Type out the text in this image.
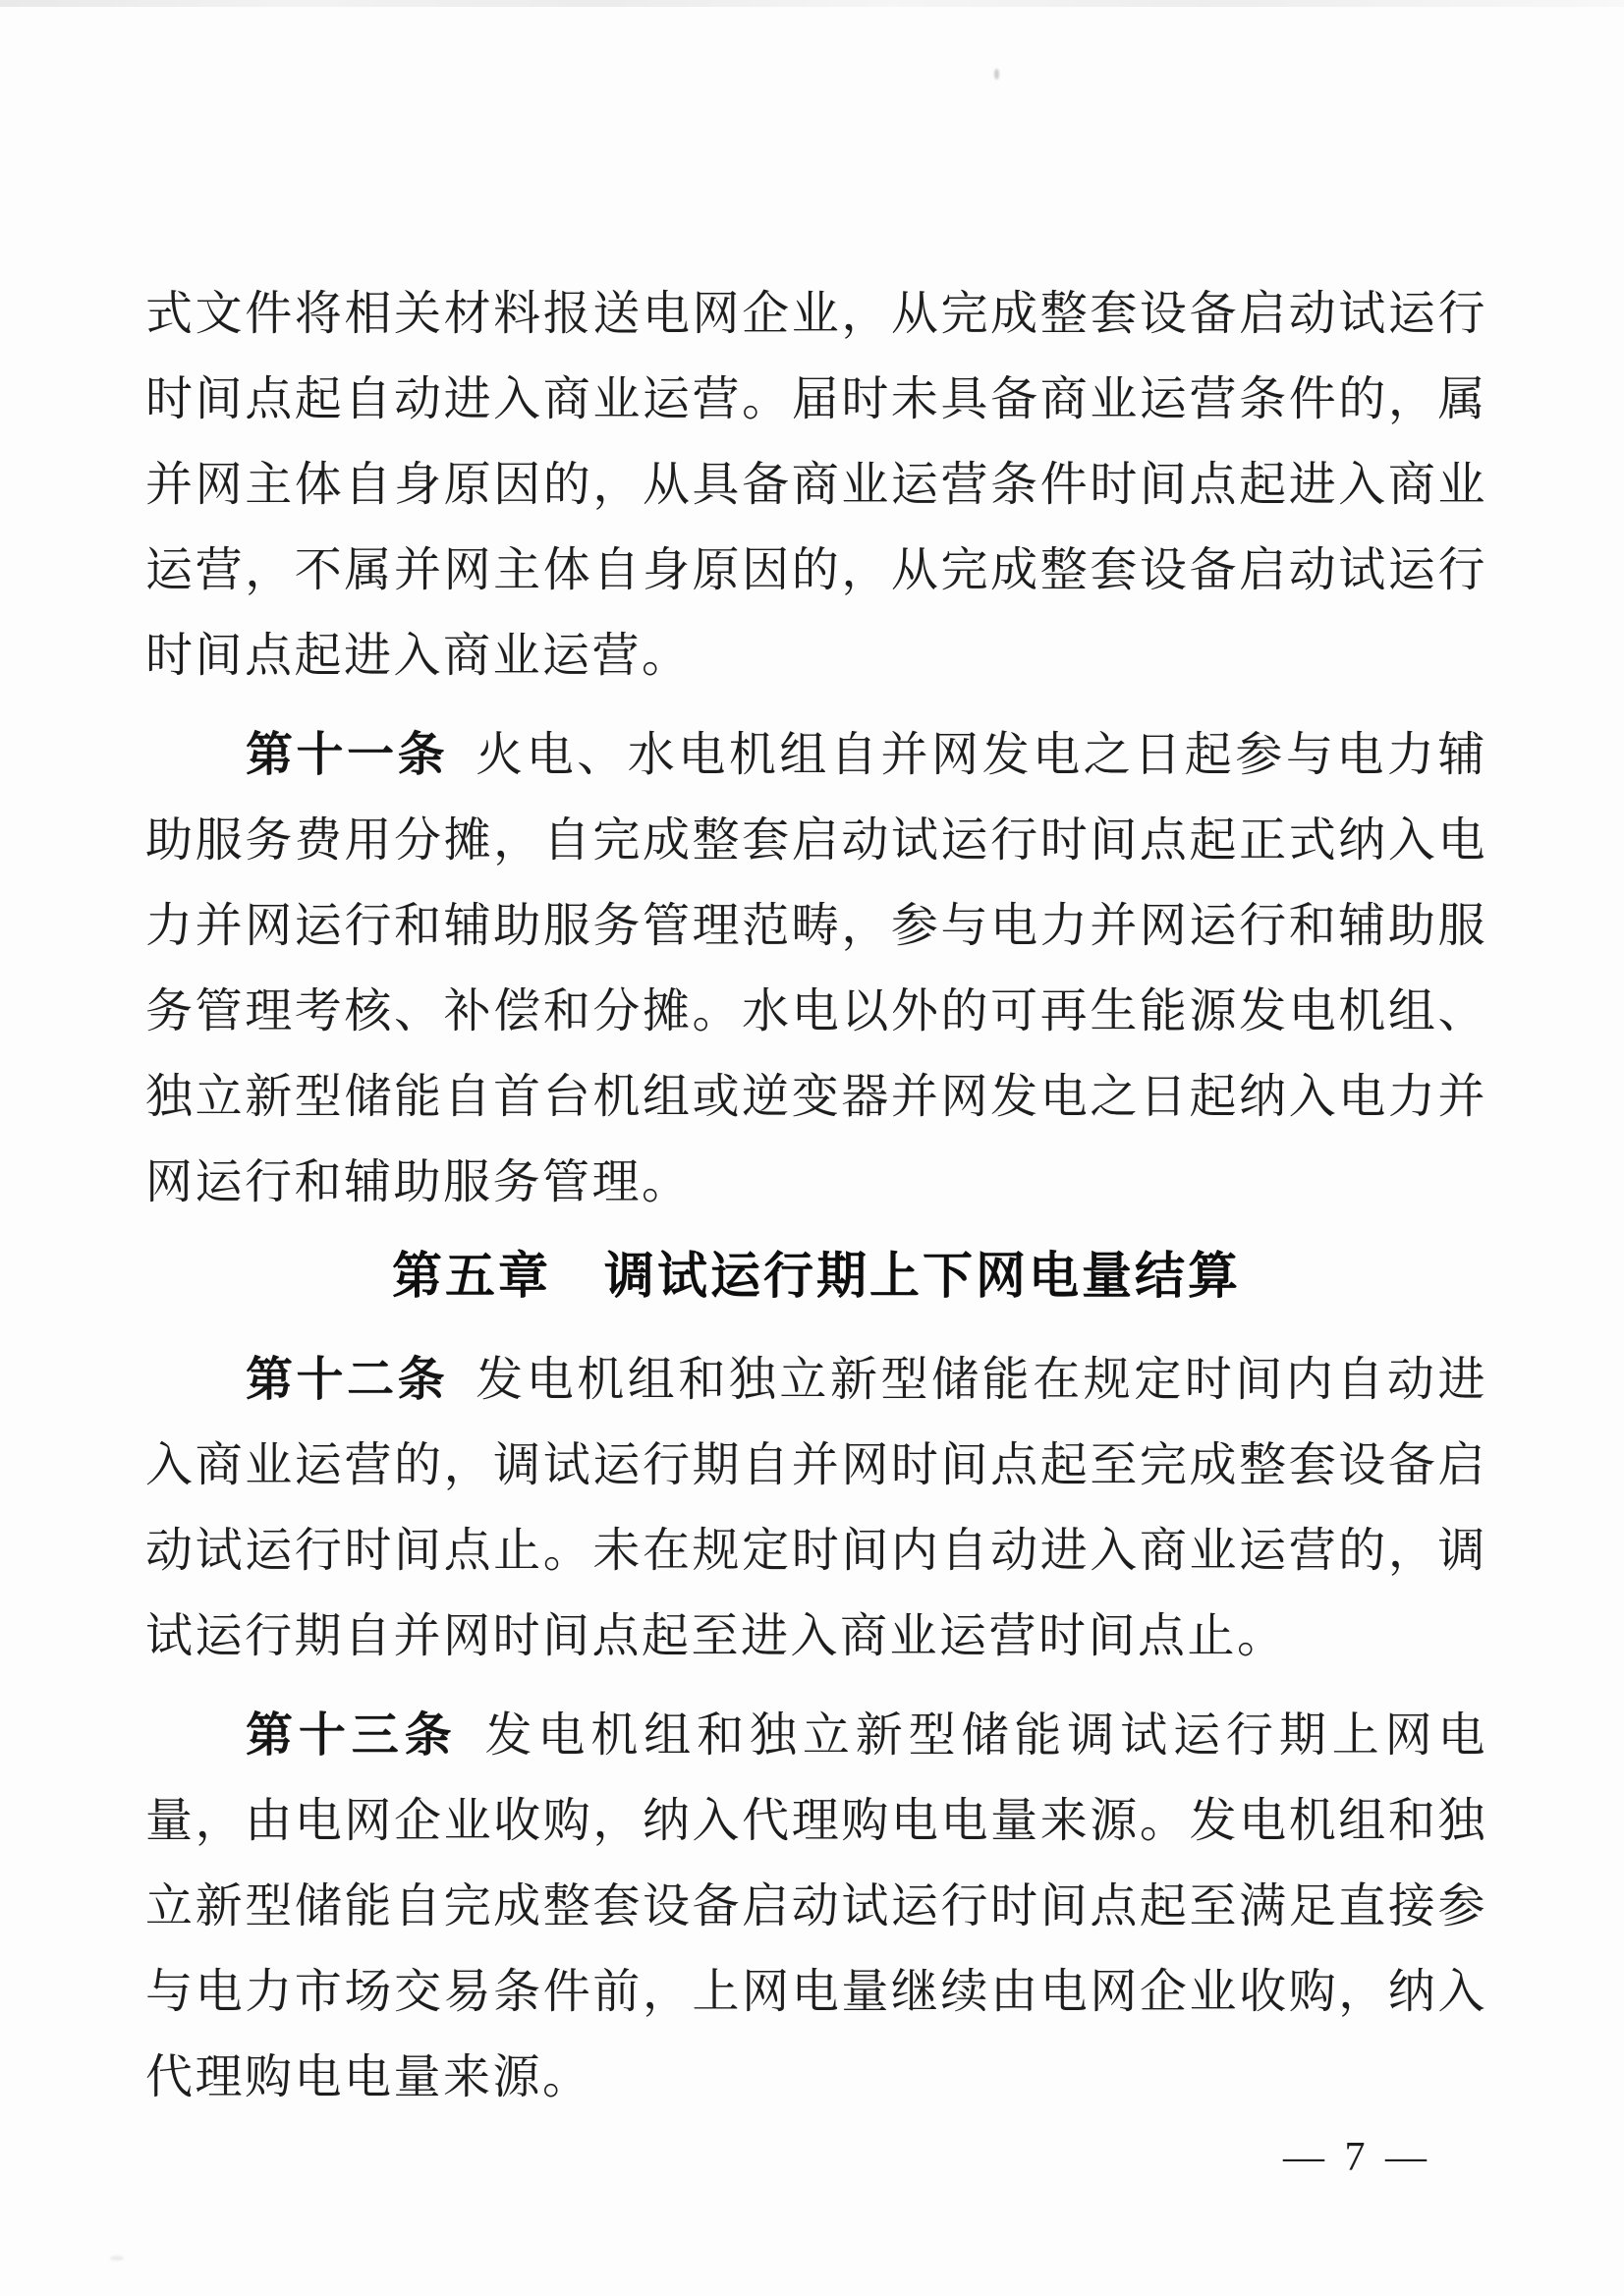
式文件将相关材料报送电网企业，从完成整套设备启动试运行时间点起自动进入商业运营。届时未具备商业运营条件的，属并网主体自身原因的，从具备商业运营条件时间点起进入商业运营，不属并网主体自身原因的，从完成整套设备启动试运行时间点起进入商业运营。

第十一条 火电、水电机组自并网发电之日起参与电力辅助服务费用分摊，自完成整套启动试运行时间点起正式纳入电力并网运行和辅助服务管理范畴，参与电力并网运行和辅助服务管理考核、补偿和分摊。水电以外的可再生能源发电机组、独立新型储能自首台机组或逆变器并网发电之日起纳入电力并网运行和辅助服务管理。

第五章　调试运行期上下网电量结算

第十二条 发电机组和独立新型储能在规定时间内自动进入商业运营的，调试运行期自并网时间点起至完成整套设备启动试运行时间点止。未在规定时间内自动进入商业运营的，调试运行期自并网时间点起至进入商业运营时间点止。

第十三条 发电机组和独立新型储能调试运行期上网电量，由电网企业收购，纳入代理购电电量来源。发电机组和独立新型储能自完成整套设备启动试运行时间点起至满足直接参与电力市场交易条件前，上网电量继续由电网企业收购，纳入代理购电电量来源。

— 7 —
